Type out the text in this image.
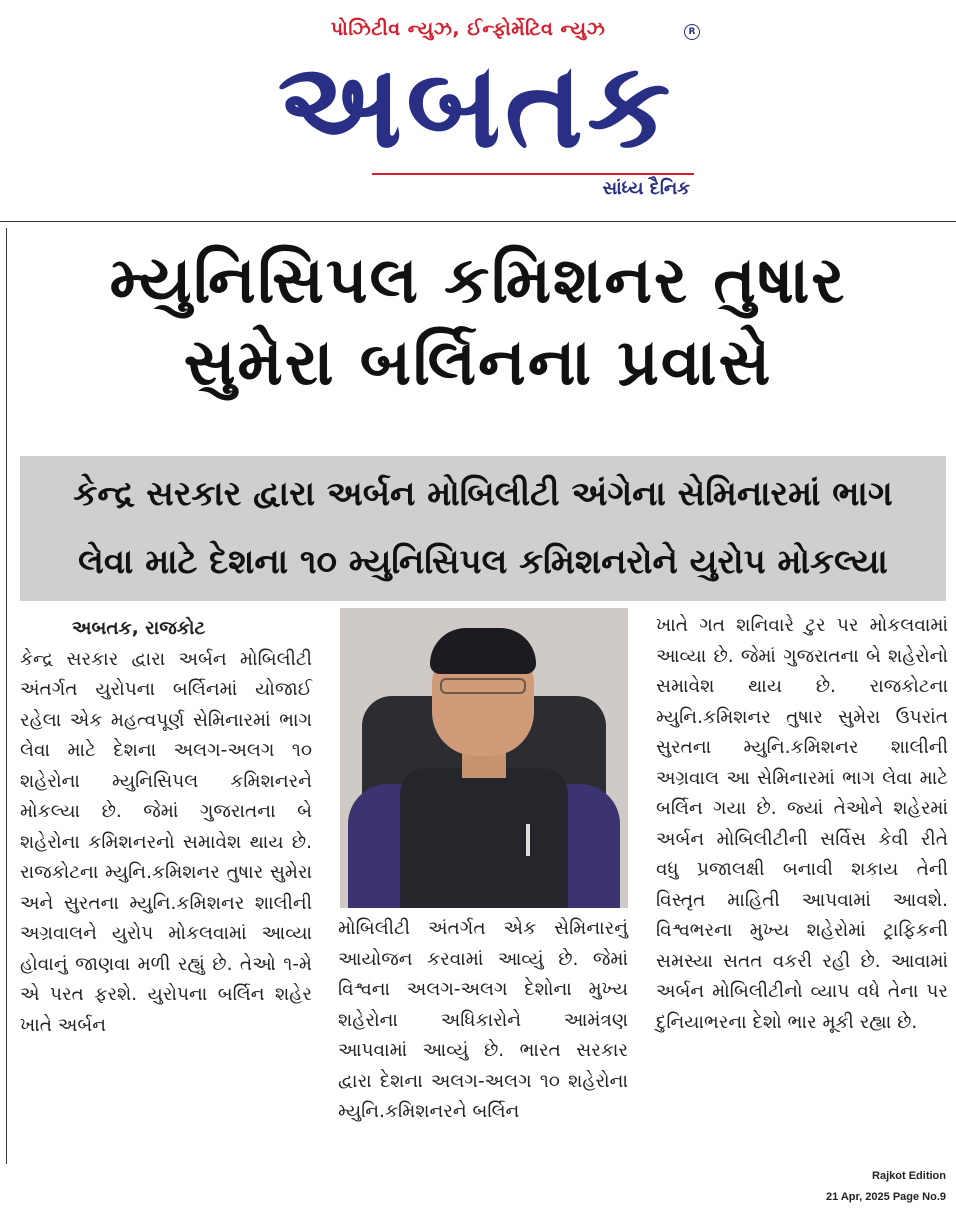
પોઝિટીવ ન્યુઝ, ઈન્ફોર્મેટિવ ન્યુઝ	R
અબતક
સાંધ્ય દૈનિક
મ્યુનિસિપલ કમિશનર તુષાર
સુમેરા બર્લિનના પ્રવાસે
કેન્દ્ર સરકાર દ્વારા અર્બન મોબિલીટી અંગેના સેમિનારમાં ભાગ
લેવા માટે દેશના ૧૦ મ્યુનિસિપલ કમિશનરોને યુરોપ મોકલ્યા
અબતક, રાજકોટ
કેન્દ્ર સરકાર દ્વારા અર્બન મોબિલીટી અંતર્ગત યુરોપના બર્લિનમાં યોજાઈ રહેલા એક મહત્વપૂર્ણ સેમિનારમાં ભાગ લેવા માટે દેશના અલગ-અલગ ૧૦ શહેરોના મ્યુનિસિપલ કમિશનરને મોકલ્યા છે. જેમાં ગુજરાતના બે શહેરોના કમિશનરનો સમાવેશ થાય છે. રાજકોટના મ્યુનિ.કમિશનર તુષાર સુમેરા અને સુરતના મ્યુનિ.કમિશનર શાલીની અગ્રવાલને યુરોપ મોકલવામાં આવ્યા હોવાનું જાણવા મળી રહ્યું છે. તેઓ ૧-મે એ પરત ફરશે. યુરોપના બર્લિન શહેર ખાતે અર્બન
મોબિલીટી અંતર્ગત એક સેમિનારનું આયોજન કરવામાં આવ્યું છે. જેમાં વિશ્વના અલગ-અલગ દેશોના મુખ્ય શહેરોના અધિકારોને આમંત્રણ આપવામાં આવ્યું છે. ભારત સરકાર દ્વારા દેશના અલગ-અલગ ૧૦ શહેરોના મ્યુનિ.કમિશનરને બર્લિન
ખાતે ગત શનિવારે ટુર પર મોકલવામાં આવ્યા છે. જેમાં ગુજરાતના બે શહેરોનો સમાવેશ થાય છે. રાજકોટના મ્યુનિ.કમિશનર તુષાર સુમેરા ઉપરાંત સુરતના મ્યુનિ.કમિશનર શાલીની અગ્રવાલ આ સેમિનારમાં ભાગ લેવા માટે બર્લિન ગયા છે. જ્યાં તેઓને શહેરમાં અર્બન મોબિલીટીની સર્વિસ કેવી રીતે વધુ પ્રજાલક્ષી બનાવી શકાય તેની વિસ્તૃત માહિતી આપવામાં આવશે. વિશ્વભરના મુખ્ય શહેરોમાં ટ્રાફિકની સમસ્યા સતત વકરી રહી છે. આવામાં અર્બન મોબિલીટીનો વ્યાપ વધે તેના પર દુનિયાભરના દેશો ભાર મૂકી રહ્યા છે.
Rajkot Edition
21 Apr, 2025 Page No.9
